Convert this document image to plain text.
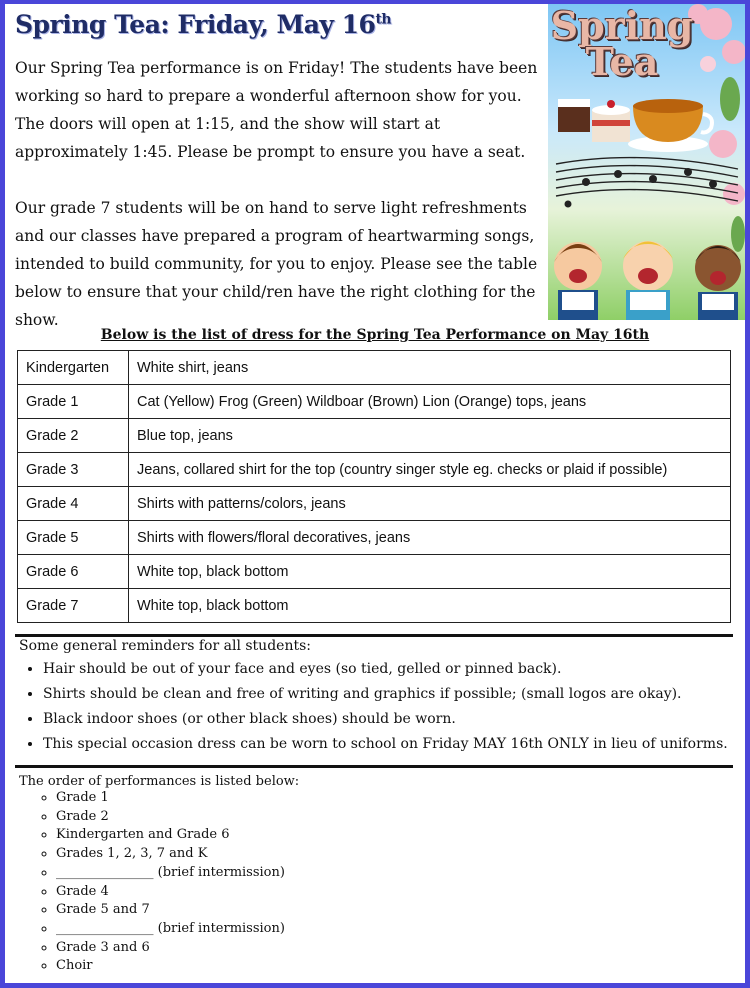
Spring Tea: Friday, May 16th

Our Spring Tea performance is on Friday! The students have been working so hard to prepare a wonderful afternoon show for you. The doors will open at 1:15, and the show will start at approximately 1:45. Please be prompt to ensure you have a seat.

Our grade 7 students will be on hand to serve light refreshments and our classes have prepared a program of heartwarming songs, intended to build community, for you to enjoy. Please see the table below to ensure that your child/ren have the right clothing for the show.

Spring
Tea
Below is the list of dress for the Spring Tea Performance on May 16th
Kindergarten	White shirt, jeans
Grade 1	Cat (Yellow) Frog (Green) Wildboar (Brown) Lion (Orange) tops, jeans
Grade 2	Blue top, jeans
Grade 3	Jeans, collared shirt for the top (country singer style eg. checks or plaid if possible)
Grade 4	Shirts with patterns/colors, jeans
Grade 5	Shirts with flowers/floral decoratives, jeans
Grade 6	White top, black bottom
Grade 7	White top, black bottom
Some general reminders for all students:
• Hair should be out of your face and eyes (so tied, gelled or pinned back).
• Shirts should be clean and free of writing and graphics if possible; (small logos are okay).
• Black indoor shoes (or other black shoes) should be worn.
• This special occasion dress can be worn to school on Friday MAY 16th ONLY in lieu of uniforms.
The order of performances is listed below:
◦ Grade 1
◦ Grade 2
◦ Kindergarten and Grade 6
◦ Grades 1, 2, 3, 7 and K
◦ _______________ (brief intermission)
◦ Grade 4
◦ Grade 5 and 7
◦ _______________ (brief intermission)
◦ Grade 3 and 6
◦ Choir
